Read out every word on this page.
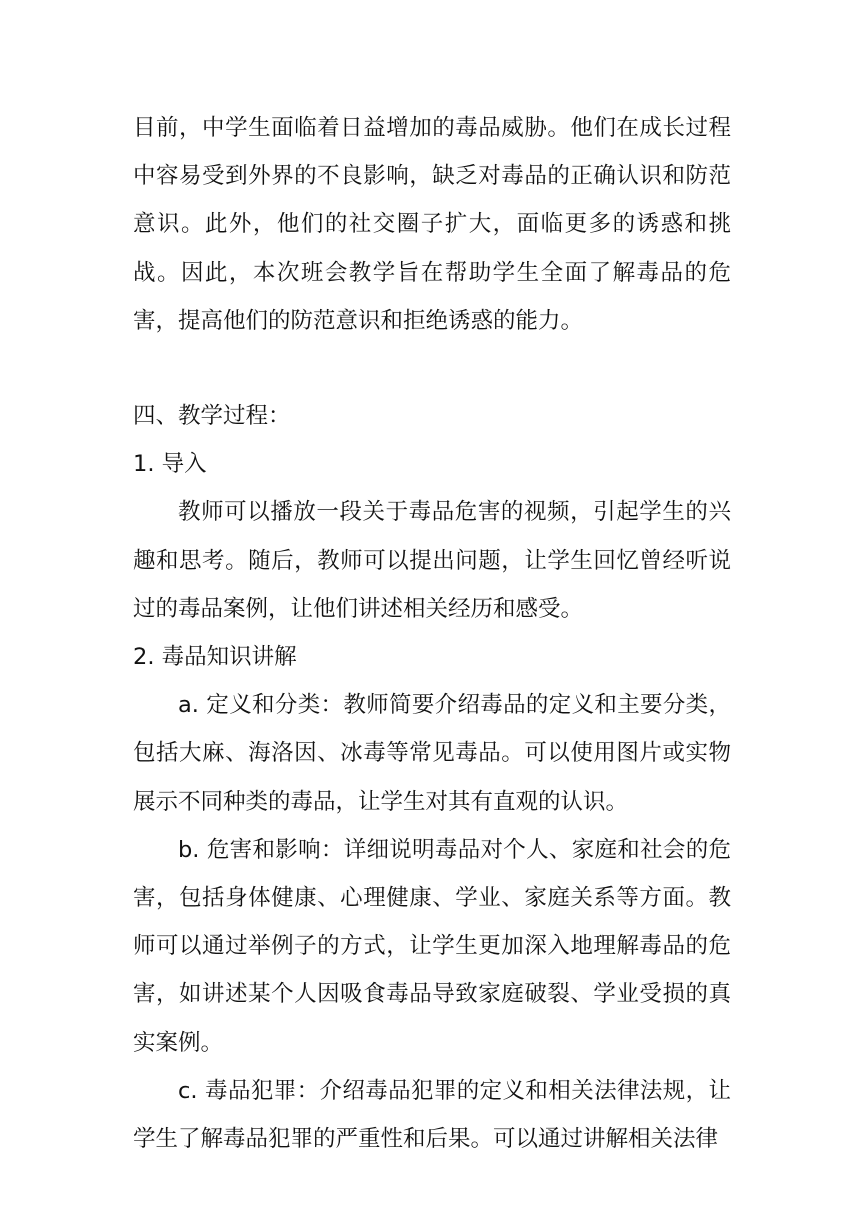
目前，中学生面临着日益增加的毒品威胁。他们在成长过程中容易受到外界的不良影响，缺乏对毒品的正确认识和防范意识。此外，他们的社交圈子扩大，面临更多的诱惑和挑战。因此，本次班会教学旨在帮助学生全面了解毒品的危害，提高他们的防范意识和拒绝诱惑的能力。

四、教学过程：

1. 导入

教师可以播放一段关于毒品危害的视频，引起学生的兴趣和思考。随后，教师可以提出问题，让学生回忆曾经听说过的毒品案例，让他们讲述相关经历和感受。

2. 毒品知识讲解

a. 定义和分类：教师简要介绍毒品的定义和主要分类，包括大麻、海洛因、冰毒等常见毒品。可以使用图片或实物展示不同种类的毒品，让学生对其有直观的认识。

b. 危害和影响：详细说明毒品对个人、家庭和社会的危害，包括身体健康、心理健康、学业、家庭关系等方面。教师可以通过举例子的方式，让学生更加深入地理解毒品的危害，如讲述某个人因吸食毒品导致家庭破裂、学业受损的真实案例。

c. 毒品犯罪：介绍毒品犯罪的定义和相关法律法规，让学生了解毒品犯罪的严重性和后果。可以通过讲解相关法律
